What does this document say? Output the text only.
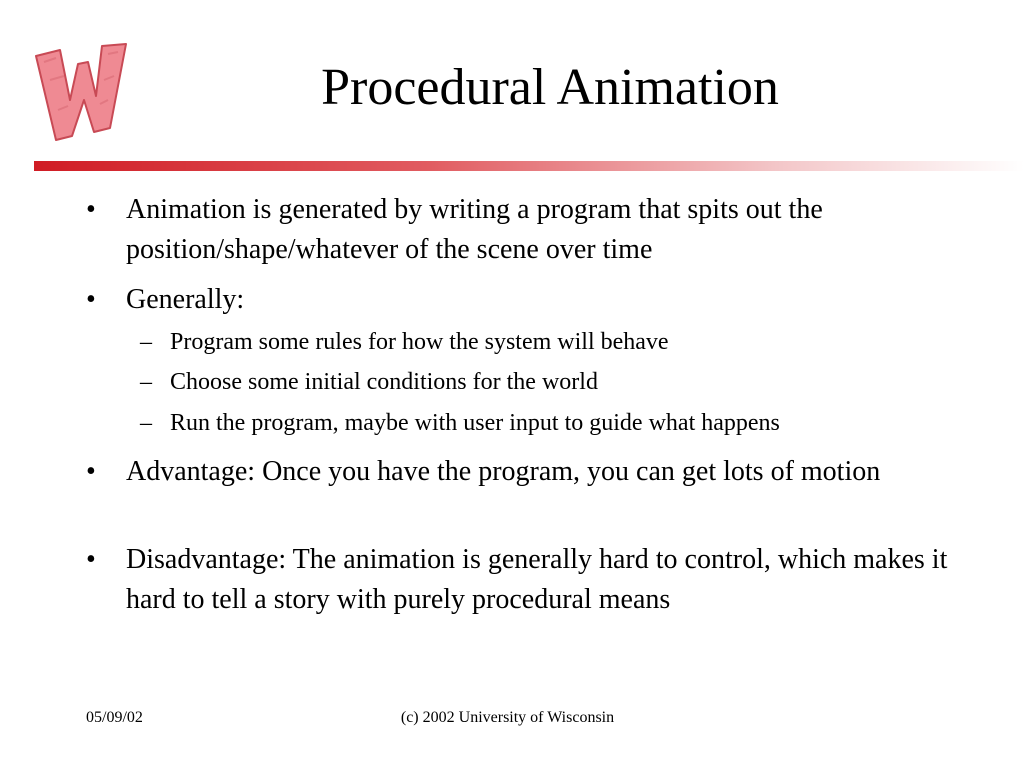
Procedural Animation
• Animation is generated by writing a program that spits out the position/shape/whatever of the scene over time
• Generally:
– Program some rules for how the system will behave
– Choose some initial conditions for the world
– Run the program, maybe with user input to guide what happens
• Advantage: Once you have the program, you can get lots of motion
• Disadvantage: The animation is generally hard to control, which makes it hard to tell a story with purely procedural means
05/09/02	(c) 2002 University of Wisconsin
